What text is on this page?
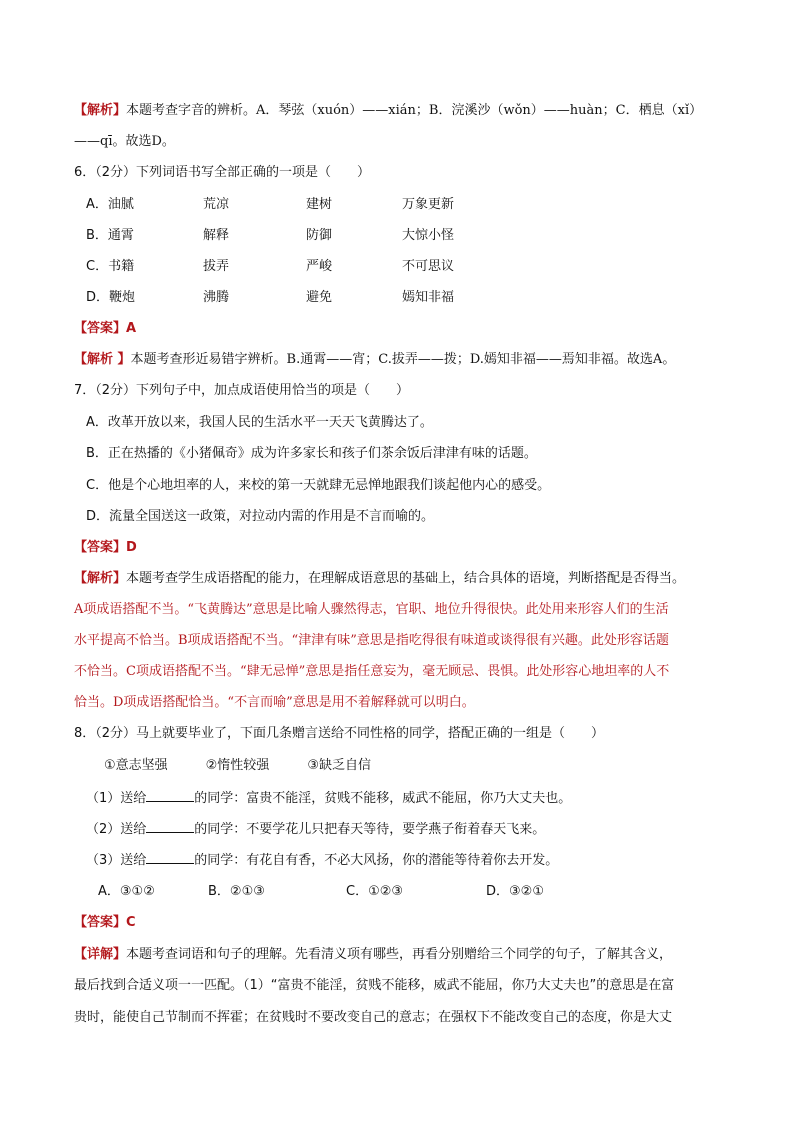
【解析】本题考查字音的辨析。A．琴弦（xuón）——xián；B．浣溪沙（wǒn）——huàn；C．栖息（xǐ）
——qī。故选D。
6．（2分）下列词语书写全部正确的一项是（　　）
A．油腻	荒凉	建树	万象更新
B．通霄	解释	防御	大惊小怪
C．书籍	拔弄	严峻	不可思议
D．鞭炮	沸腾	避免	嫣知非福
【答案】A
【解析 】本题考查形近易错字辨析。B.通霄——宵；C.拔弄——拨；D.嫣知非福——焉知非福。故选A。
7．（2分）下列句子中，加点成语使用恰当的项是（　　）
A．改革开放以来，我国人民的生活水平一天天飞黄腾达了。
B．正在热播的《小猪佩奇》成为许多家长和孩子们茶余饭后津津有味的话题。
C．他是个心地坦率的人，来校的第一天就肆无忌惮地跟我们谈起他内心的感受。
D．流量全国送这一政策，对拉动内需的作用是不言而喻的。
【答案】D
【解析】本题考查学生成语搭配的能力，在理解成语意思的基础上，结合具体的语境，判断搭配是否得当。
A项成语搭配不当。“飞黄腾达”意思是比喻人骤然得志，官职、地位升得很快。此处用来形容人们的生活
水平提高不恰当。B项成语搭配不当。“津津有味”意思是指吃得很有味道或谈得很有兴趣。此处形容话题
不恰当。C项成语搭配不当。“肆无忌惮”意思是指任意妄为，毫无顾忌、畏惧。此处形容心地坦率的人不
恰当。D项成语搭配恰当。“不言而喻”意思是用不着解释就可以明白。
8．（2分）马上就要毕业了，下面几条赠言送给不同性格的同学，搭配正确的一组是（　　）
①意志坚强	②惰性较强	③缺乏自信
（1）送给	的同学：富贵不能淫，贫贱不能移，威武不能屈，你乃大丈夫也。
（2）送给	的同学：不要学花儿只把春天等待，要学燕子衔着春天飞来。
（3）送给	的同学：有花自有香，不必大风扬，你的潜能等待着你去开发。
A．③①②	B．②①③	C．①②③	D．③②①
【答案】C
【详解】本题考查词语和句子的理解。先看清义项有哪些，再看分别赠给三个同学的句子，了解其含义，
最后找到合适义项一一匹配。（1）“富贵不能淫，贫贱不能移，威武不能屈，你乃大丈夫也”的意思是在富
贵时，能使自己节制而不挥霍；在贫贱时不要改变自己的意志；在强权下不能改变自己的态度，你是大丈
